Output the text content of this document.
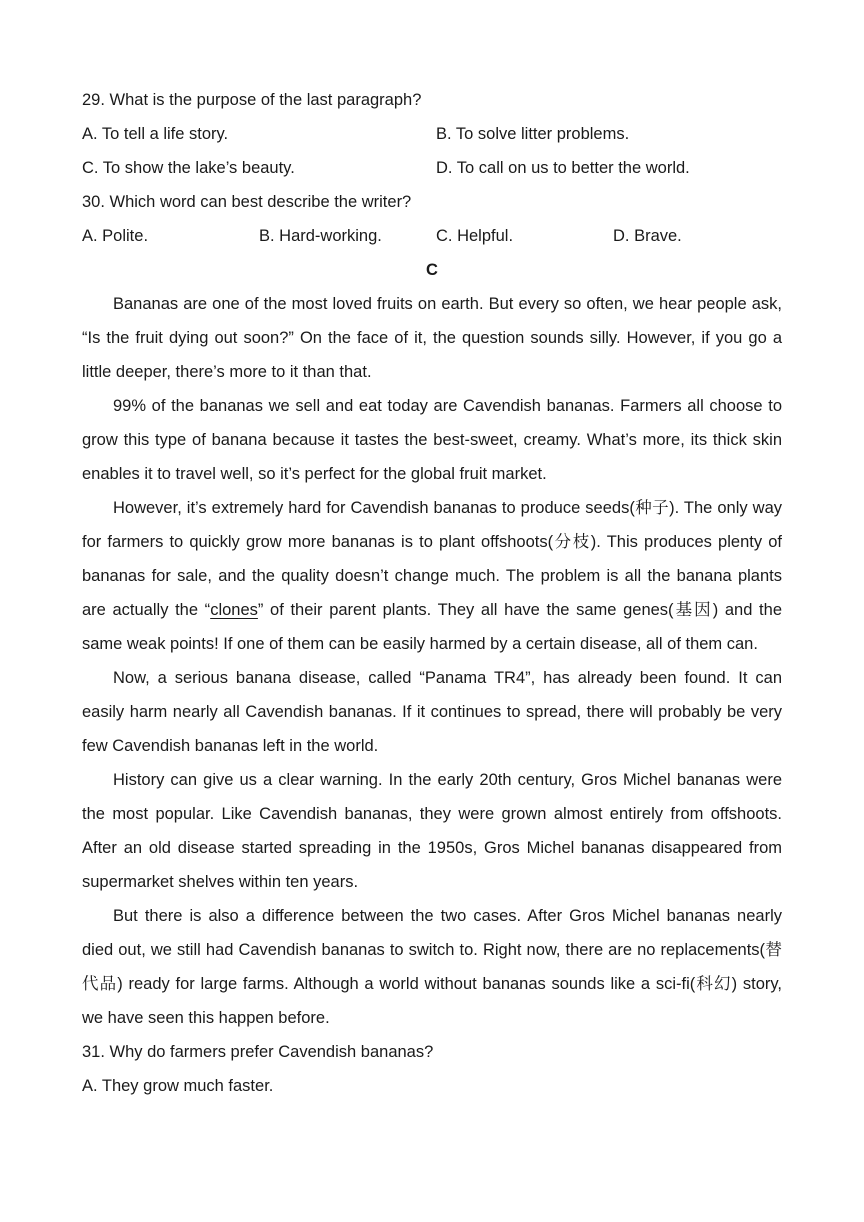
29. What is the purpose of the last paragraph?
A. To tell a life story.	B. To solve litter problems.
C. To show the lake’s beauty.	D. To call on us to better the world.
30. Which word can best describe the writer?
A. Polite.	B. Hard-working.	C. Helpful.	D. Brave.
C

Bananas are one of the most loved fruits on earth. But every so often, we hear people ask, “Is the fruit dying out soon?” On the face of it, the question sounds silly. However, if you go a little deeper, there’s more to it than that.

99% of the bananas we sell and eat today are Cavendish bananas. Farmers all choose to grow this type of banana because it tastes the best-sweet, creamy. What’s more, its thick skin enables it to travel well, so it’s perfect for the global fruit market.

However, it’s extremely hard for Cavendish bananas to produce seeds(种子). The only way for farmers to quickly grow more bananas is to plant offshoots(分枝). This produces plenty of bananas for sale, and the quality doesn’t change much. The problem is all the banana plants are actually the “clones” of their parent plants. They all have the same genes(基因) and the same weak points! If one of them can be easily harmed by a certain disease, all of them can.

Now, a serious banana disease, called “Panama TR4”, has already been found. It can easily harm nearly all Cavendish bananas. If it continues to spread, there will probably be very few Cavendish bananas left in the world.

History can give us a clear warning. In the early 20th century, Gros Michel bananas were the most popular. Like Cavendish bananas, they were grown almost entirely from offshoots. After an old disease started spreading in the 1950s, Gros Michel bananas disappeared from supermarket shelves within ten years.

But there is also a difference between the two cases. After Gros Michel bananas nearly died out, we still had Cavendish bananas to switch to. Right now, there are no replacements(替代品) ready for large farms. Although a world without bananas sounds like a sci-fi(科幻) story, we have seen this happen before.

31. Why do farmers prefer Cavendish bananas?
A. They grow much faster.
